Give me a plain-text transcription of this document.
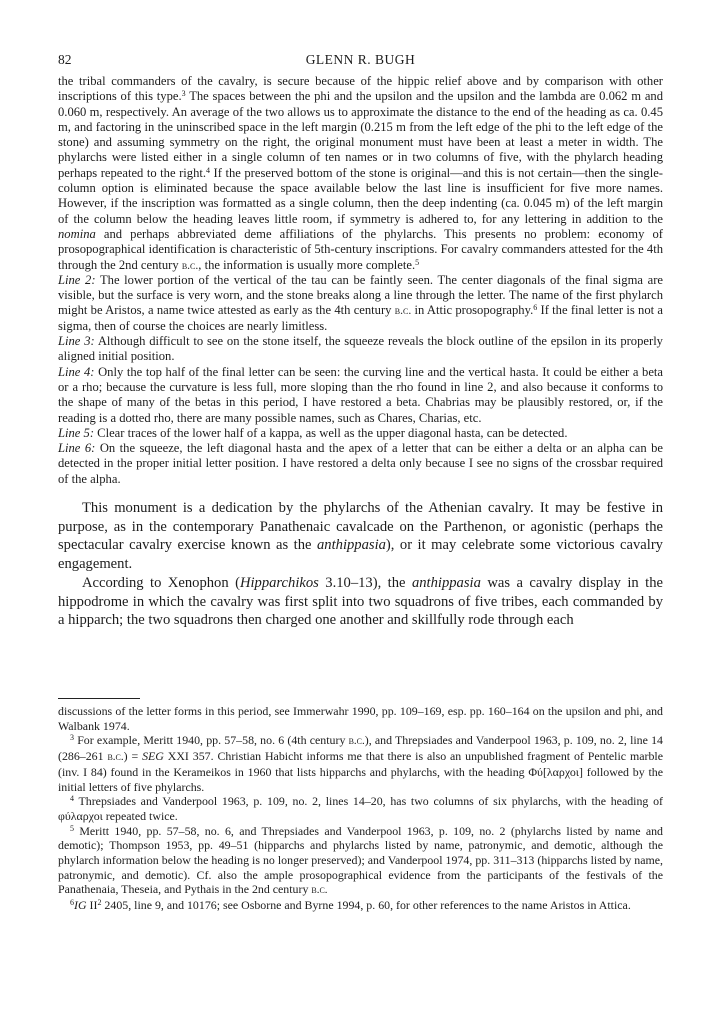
82	GLENN R. BUGH

the tribal commanders of the cavalry, is secure because of the hippic relief above and by comparison with other inscriptions of this type.$^3$ The spaces between the phi and the upsilon and the upsilon and the lambda are 0.062 m and 0.060 m, respectively. An average of the two allows us to approximate the distance to the end of the heading as ca. 0.45 m, and factoring in the uninscribed space in the left margin (0.215 m from the left edge of the phi to the left edge of the stone) and assuming symmetry on the right, the original monument must have been at least a meter in width. The phylarchs were listed either in a single column of ten names or in two columns of five, with the phylarch heading perhaps repeated to the right.$^4$ If the preserved bottom of the stone is original—and this is not certain—then the single-column option is eliminated because the space available below the last line is insufficient for five more names. However, if the inscription was formatted as a single column, then the deep indenting (ca. 0.045 m) of the left margin of the column below the heading leaves little room, if symmetry is adhered to, for any lettering in addition to the nomina and perhaps abbreviated deme affiliations of the phylarchs. This presents no problem: economy of prosopographical identification is characteristic of 5th-century inscriptions. For cavalry commanders attested for the 4th through the 2nd century b.c., the information is usually more complete.$^5$

Line 2: The lower portion of the vertical of the tau can be faintly seen. The center diagonals of the final sigma are visible, but the surface is very worn, and the stone breaks along a line through the letter. The name of the first phylarch might be Aristos, a name twice attested as early as the 4th century b.c. in Attic prosopography.$^6$ If the final letter is not a sigma, then of course the choices are nearly limitless.

Line 3: Although difficult to see on the stone itself, the squeeze reveals the block outline of the epsilon in its properly aligned initial position.

Line 4: Only the top half of the final letter can be seen: the curving line and the vertical hasta. It could be either a beta or a rho; because the curvature is less full, more sloping than the rho found in line 2, and also because it conforms to the shape of many of the betas in this period, I have restored a beta. Chabrias may be plausibly restored, or, if the reading is a dotted rho, there are many possible names, such as Chares, Charias, etc.

Line 5: Clear traces of the lower half of a kappa, as well as the upper diagonal hasta, can be detected.

Line 6: On the squeeze, the left diagonal hasta and the apex of a letter that can be either a delta or an alpha can be detected in the proper initial letter position. I have restored a delta only because I see no signs of the crossbar required of the alpha.

This monument is a dedication by the phylarchs of the Athenian cavalry. It may be festive in purpose, as in the contemporary Panathenaic cavalcade on the Parthenon, or agonistic (perhaps the spectacular cavalry exercise known as the anthippasia), or it may celebrate some victorious cavalry engagement.

According to Xenophon (Hipparchikos 3.10–13), the anthippasia was a cavalry display in the hippodrome in which the cavalry was first split into two squadrons of five tribes, each commanded by a hipparch; the two squadrons then charged one another and skillfully rode through each

discussions of the letter forms in this period, see Immerwahr 1990, pp. 109–169, esp. pp. 160–164 on the upsilon and phi, and Walbank 1974.

$^3$ For example, Meritt 1940, pp. 57–58, no. 6 (4th century b.c.), and Threpsiades and Vanderpool 1963, p. 109, no. 2, line 14 (286–261 b.c.) = SEG XXI 357. Christian Habicht informs me that there is also an unpublished fragment of Pentelic marble (inv. I 84) found in the Kerameikos in 1960 that lists hipparchs and phylarchs, with the heading Φύ[λαρχοι] followed by the initial letters of five phylarchs.

$^4$ Threpsiades and Vanderpool 1963, p. 109, no. 2, lines 14–20, has two columns of six phylarchs, with the heading of φύλαρχοι repeated twice.

$^5$ Meritt 1940, pp. 57–58, no. 6, and Threpsiades and Vanderpool 1963, p. 109, no. 2 (phylarchs listed by name and demotic); Thompson 1953, pp. 49–51 (hipparchs and phylarchs listed by name, patronymic, and demotic, although the phylarch information below the heading is no longer preserved); and Vanderpool 1974, pp. 311–313 (hipparchs listed by name, patronymic, and demotic). Cf. also the ample prosopographical evidence from the participants of the festivals of the Panathenaia, Theseia, and Pythais in the 2nd century b.c.

$^6$IG $II^2$ 2405, line 9, and 10176; see Osborne and Byrne 1994, p. 60, for other references to the name Aristos in Attica.
